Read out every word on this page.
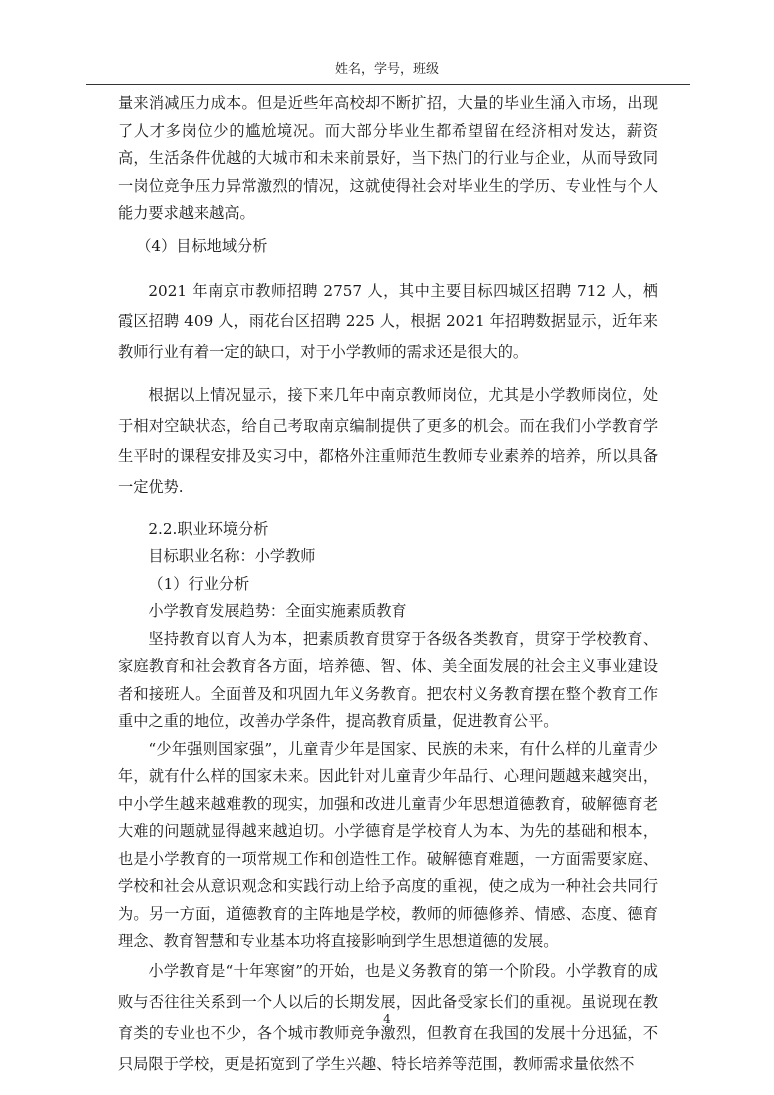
姓名，学号，班级

量来消减压力成本。但是近些年高校却不断扩招，大量的毕业生涌入市场，出现了人才多岗位少的尴尬境况。而大部分毕业生都希望留在经济相对发达，薪资高，生活条件优越的大城市和未来前景好，当下热门的行业与企业，从而导致同一岗位竞争压力异常激烈的情况，这就使得社会对毕业生的学历、专业性与个人能力要求越来越高。

（4）目标地域分析

2021 年南京市教师招聘 2757 人，其中主要目标四城区招聘 712 人，栖霞区招聘 409 人，雨花台区招聘 225 人，根据 2021 年招聘数据显示，近年来教师行业有着一定的缺口，对于小学教师的需求还是很大的。

根据以上情况显示，接下来几年中南京教师岗位，尤其是小学教师岗位，处于相对空缺状态，给自己考取南京编制提供了更多的机会。而在我们小学教育学生平时的课程安排及实习中，都格外注重师范生教师专业素养的培养，所以具备一定优势.

2.2.职业环境分析

目标职业名称：小学教师

（1）行业分析

小学教育发展趋势：全面实施素质教育

坚持教育以育人为本，把素质教育贯穿于各级各类教育，贯穿于学校教育、家庭教育和社会教育各方面，培养德、智、体、美全面发展的社会主义事业建设者和接班人。全面普及和巩固九年义务教育。把农村义务教育摆在整个教育工作重中之重的地位，改善办学条件，提高教育质量，促进教育公平。

“少年强则国家强”，儿童青少年是国家、民族的未来，有什么样的儿童青少年，就有什么样的国家未来。因此针对儿童青少年品行、心理问题越来越突出，中小学生越来越难教的现实，加强和改进儿童青少年思想道德教育，破解德育老大难的问题就显得越来越迫切。小学德育是学校育人为本、为先的基础和根本，也是小学教育的一项常规工作和创造性工作。破解德育难题，一方面需要家庭、学校和社会从意识观念和实践行动上给予高度的重视，使之成为一种社会共同行为。另一方面，道德教育的主阵地是学校，教师的师德修养、情感、态度、德育理念、教育智慧和专业基本功将直接影响到学生思想道德的发展。

小学教育是“十年寒窗”的开始，也是义务教育的第一个阶段。小学教育的成败与否往往关系到一个人以后的长期发展，因此备受家长们的重视。虽说现在教育类的专业也不少，各个城市教师竞争激烈，但教育在我国的发展十分迅猛，不只局限于学校，更是拓宽到了学生兴趣、特长培养等范围，教师需求量依然不

4
